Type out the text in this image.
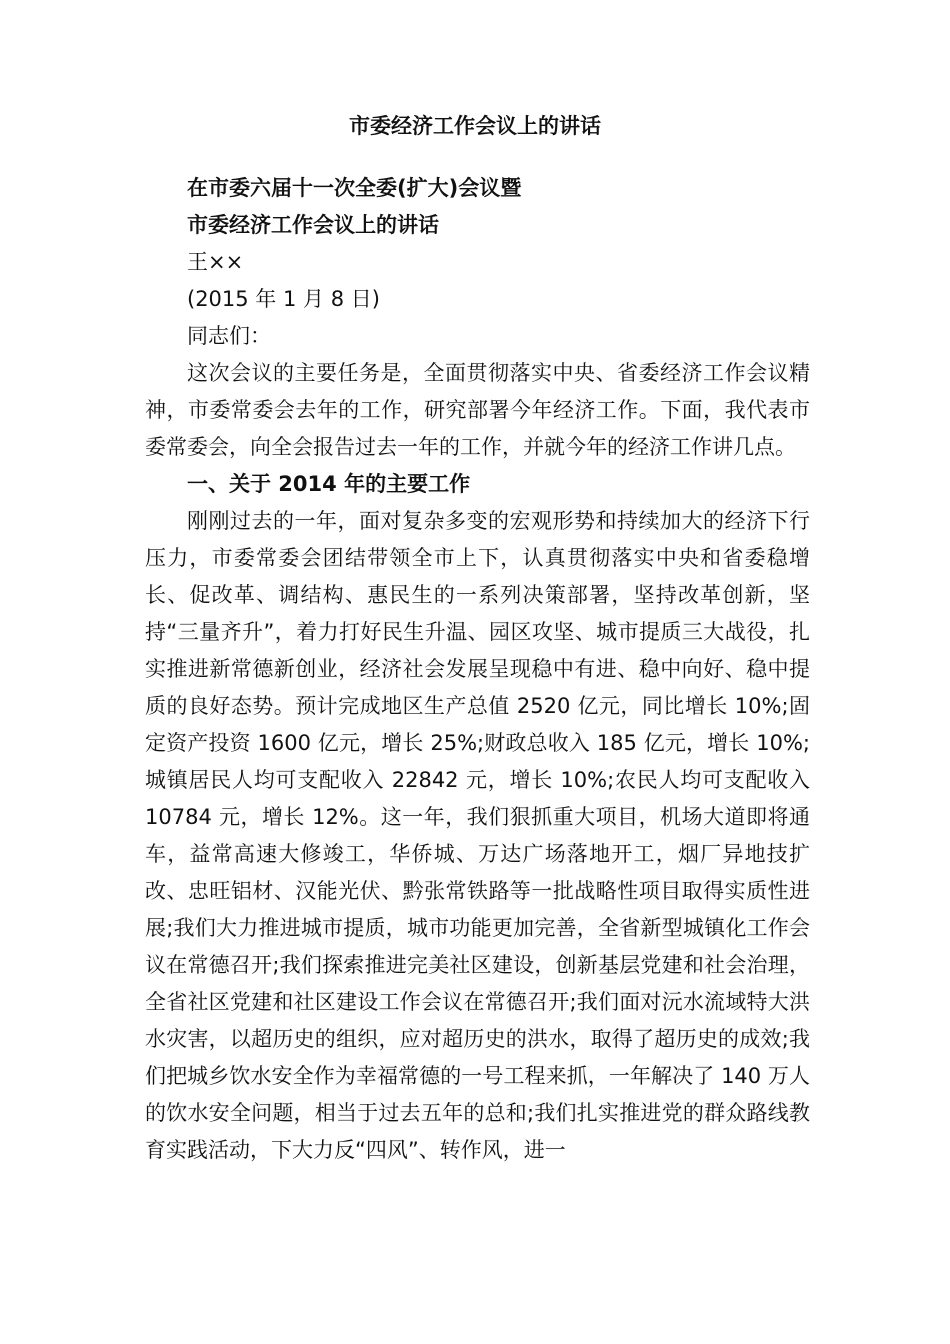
市委经济工作会议上的讲话
在市委六届十一次全委(扩大)会议暨
市委经济工作会议上的讲话
王××
(2015 年 1 月 8 日)
同志们：

这次会议的主要任务是，全面贯彻落实中央、省委经济工作会议精神，市委常委会去年的工作，研究部署今年经济工作。下面，我代表市委常委会，向全会报告过去一年的工作，并就今年的经济工作讲几点。

一、关于 2014 年的主要工作

刚刚过去的一年，面对复杂多变的宏观形势和持续加大的经济下行压力，市委常委会团结带领全市上下，认真贯彻落实中央和省委稳增长、促改革、调结构、惠民生的一系列决策部署，坚持改革创新，坚持“三量齐升”，着力打好民生升温、园区攻坚、城市提质三大战役，扎实推进新常德新创业，经济社会发展呈现稳中有进、稳中向好、稳中提质的良好态势。预计完成地区生产总值 2520 亿元，同比增长 10%;固定资产投资 1600 亿元，增长 25%;财政总收入 185 亿元，增长 10%;城镇居民人均可支配收入 22842 元，增长 10%;农民人均可支配收入 10784 元，增长 12%。这一年，我们狠抓重大项目，机场大道即将通车，益常高速大修竣工，华侨城、万达广场落地开工，烟厂异地技扩改、忠旺铝材、汉能光伏、黔张常铁路等一批战略性项目取得实质性进展;我们大力推进城市提质，城市功能更加完善，全省新型城镇化工作会议在常德召开;我们探索推进完美社区建设，创新基层党建和社会治理，全省社区党建和社区建设工作会议在常德召开;我们面对沅水流域特大洪水灾害，以超历史的组织，应对超历史的洪水，取得了超历史的成效;我们把城乡饮水安全作为幸福常德的一号工程来抓，一年解决了 140 万人的饮水安全问题，相当于过去五年的总和;我们扎实推进党的群众路线教育实践活动，下大力反“四风”、转作风，进一
